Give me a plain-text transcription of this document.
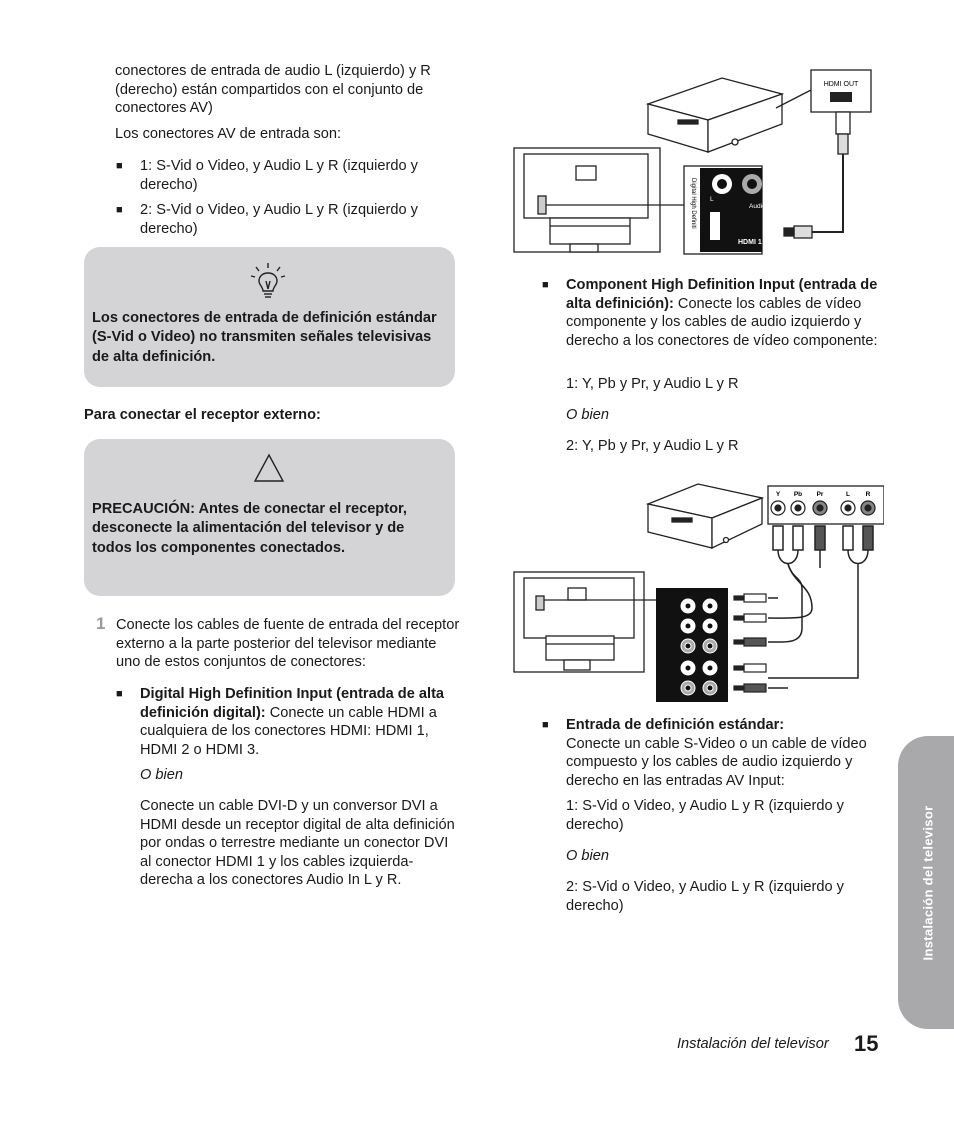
conectores de entrada de audio L (izquierdo) y R (derecho) están compartidos con el conjunto de conectores AV)

Los conectores AV de entrada son:

■ 1: S-Vid o Video, y Audio L y R (izquierdo y derecho)
■ 2: S-Vid o Video, y Audio L y R (izquierdo y derecho)
Los conectores de entrada de definición estándar (S-Vid o Video) no transmiten señales televisivas de alta definición.
Para conectar el receptor externo:
PRECAUCIÓN: Antes de conectar el receptor, desconecte la alimentación del televisor y de todos los componentes conectados.
1 Conecte los cables de fuente de entrada del receptor externo a la parte posterior del televisor mediante uno de estos conjuntos de conectores:
■ Digital High Definition Input (entrada de alta definición digital): Conecte un cable HDMI a cualquiera de los conectores HDMI: HDMI 1, HDMI 2 o HDMI 3.
O bien
Conecte un cable DVI-D y un conversor DVI a HDMI desde un receptor digital de alta definición por ondas o terrestre mediante un conector DVI al conector HDMI 1 y los cables izquierda-derecha a los conectores Audio In L y R.
HDMI OUT
Digital High Definiti L	R
Audio In
HDMI 1
■ Component High Definition Input (entrada de alta definición): Conecte los cables de vídeo componente y los cables de audio izquierdo y derecho a los conectores de vídeo componente:
1: Y, Pb y Pr, y Audio L y R
O bien
2: Y, Pb y Pr, y Audio L y R
Y Pb Pr	L R
■ Entrada de definición estándar:

Conecte un cable S-Video o un cable de vídeo compuesto y los cables de audio izquierdo y derecho en las entradas AV Input:

1: S-Vid o Video, y Audio L y R (izquierdo y derecho)
O bien
2: S-Vid o Video, y Audio L y R (izquierdo y derecho)	Instalación del televisor
Instalación del televisor 15
